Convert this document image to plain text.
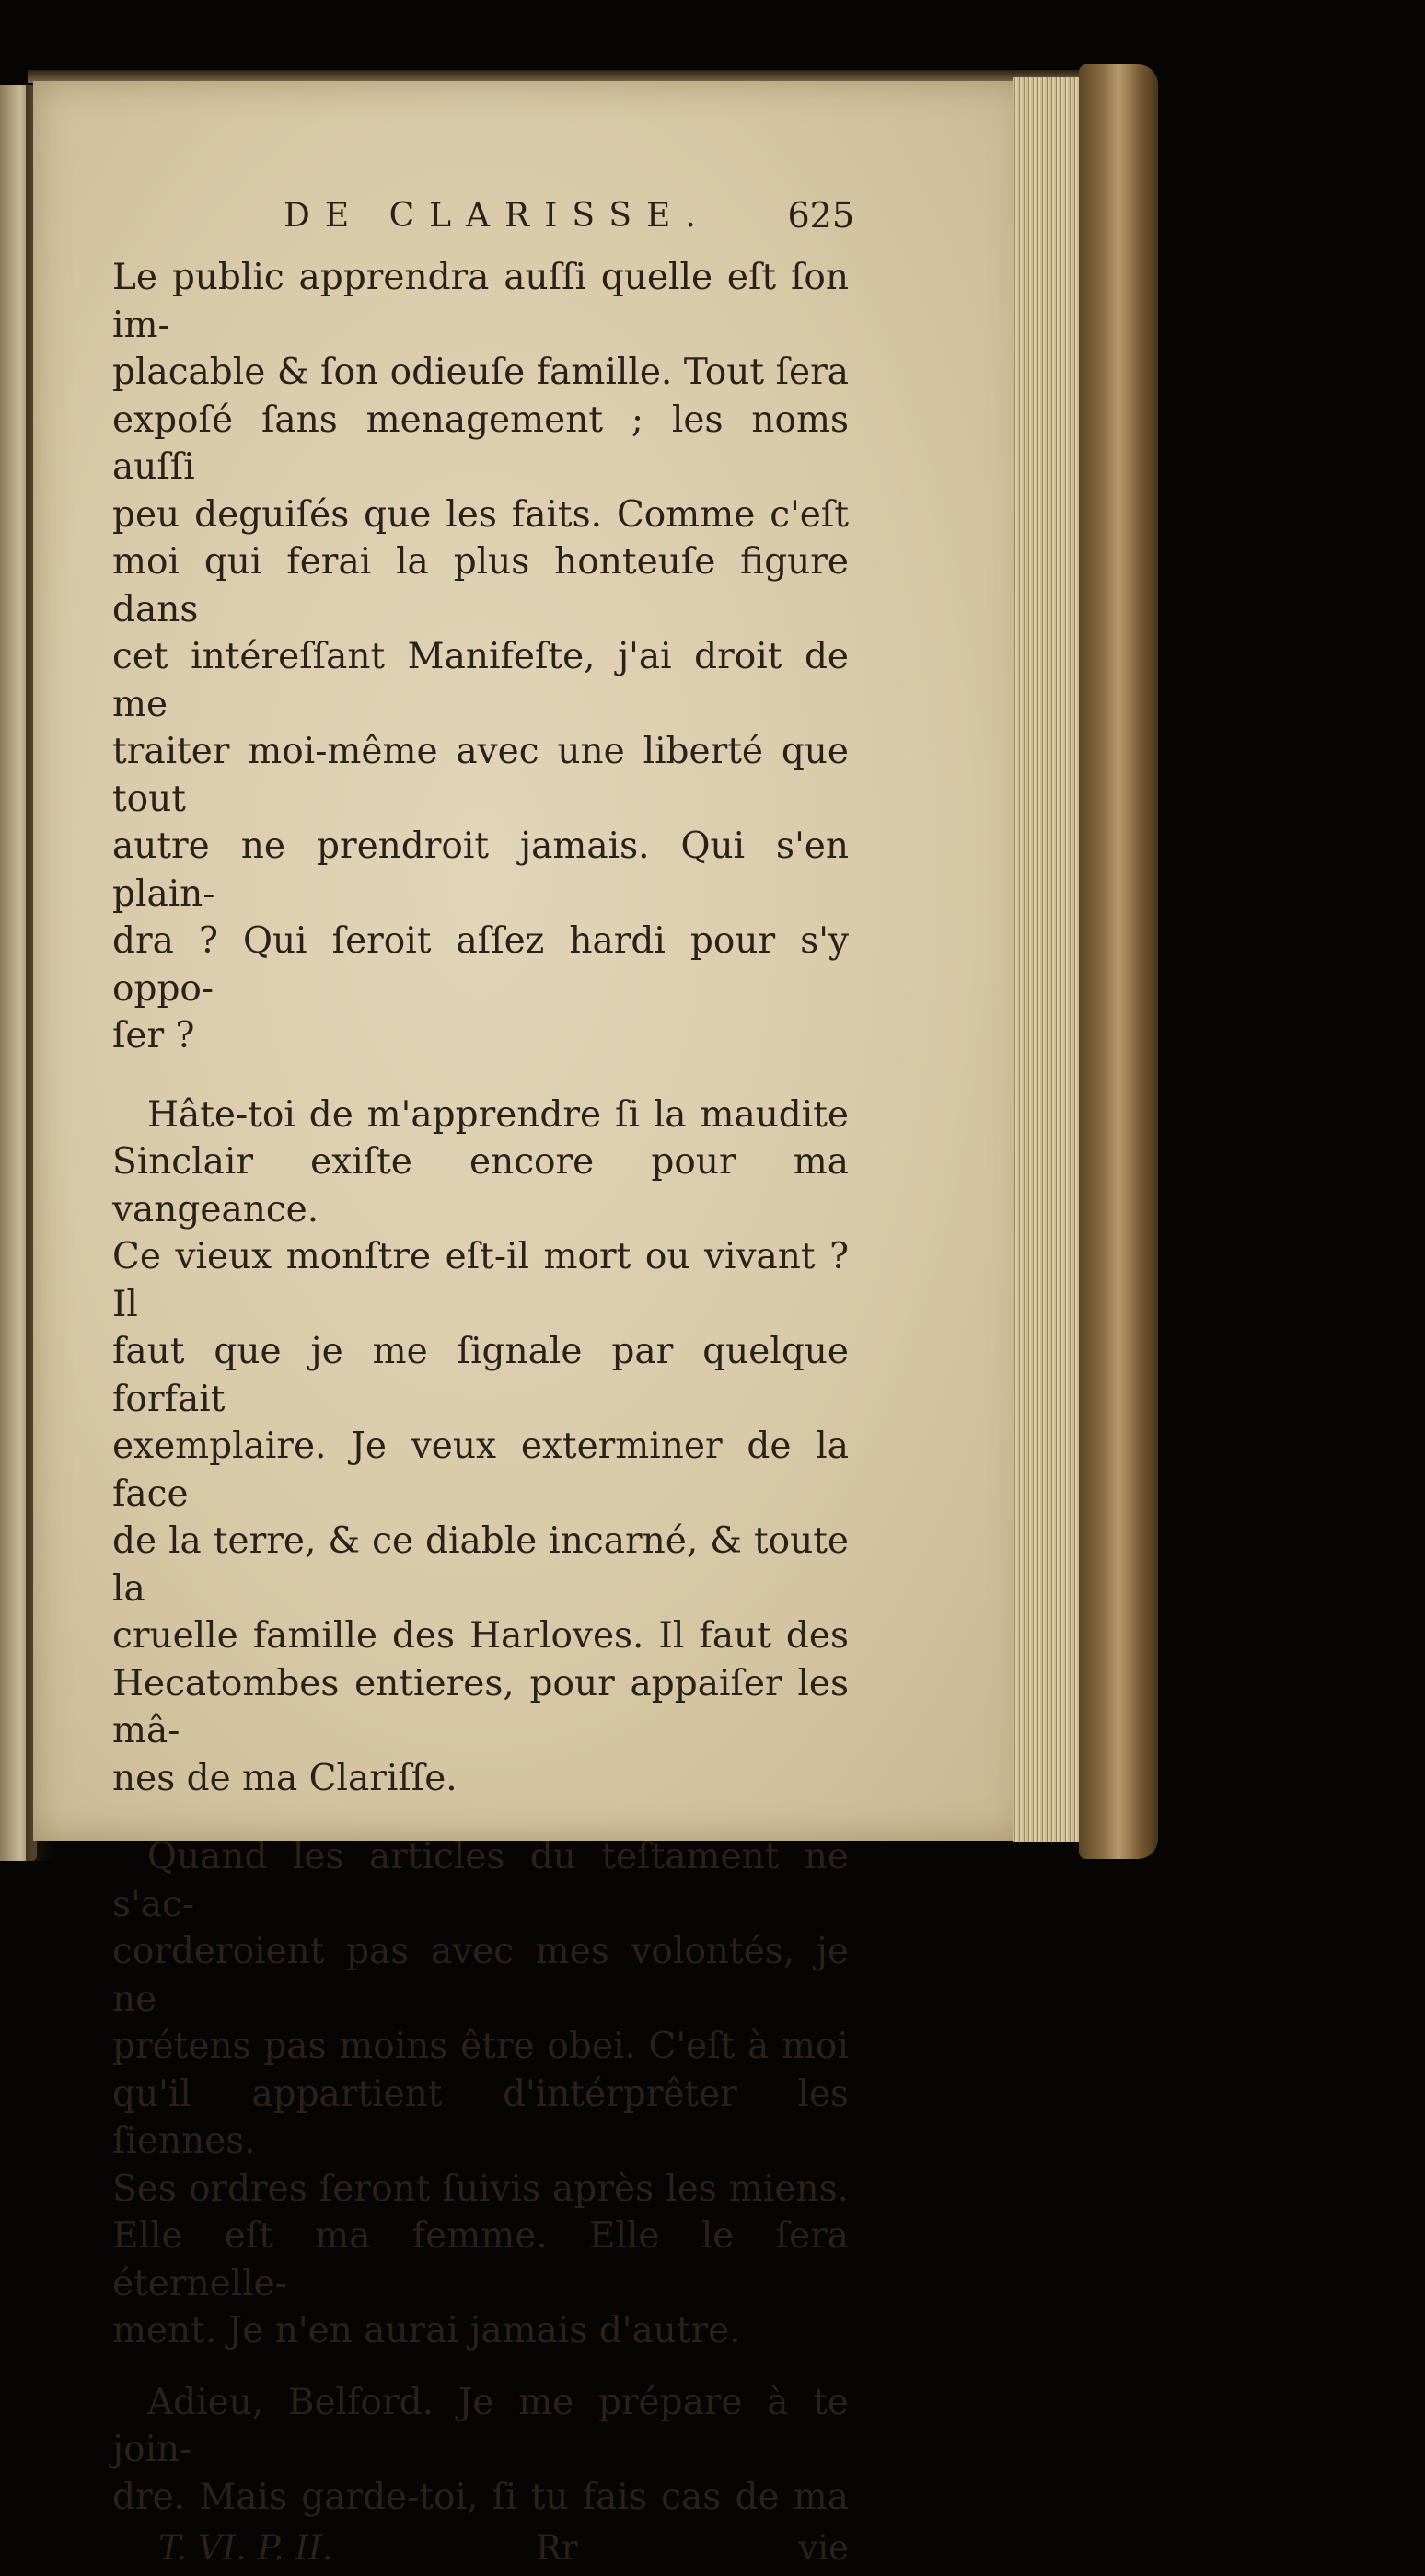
DE CLARISSE. 625
Le public apprendra auſſi quelle eſt ſon im-
placable & ſon odieuſe famille. Tout ſera
expoſé ſans menagement ; les noms auſſi
peu deguiſés que les faits. Comme c'eſt
moi qui ferai la plus honteuſe figure dans
cet intéreſſant Manifeſte, j'ai droit de me
traiter moi-même avec une liberté que tout
autre ne prendroit jamais. Qui s'en plain-
dra ? Qui ſeroit aſſez hardi pour s'y oppo-
ſer ?
Hâte-toi de m'apprendre ſi la maudite
Sinclair exiſte encore pour ma vangeance.
Ce vieux monſtre eſt-il mort ou vivant ? Il
faut que je me ſignale par quelque forfait
exemplaire. Je veux exterminer de la face
de la terre, & ce diable incarné, & toute la
cruelle famille des Harloves. Il faut des
Hecatombes entieres, pour appaiſer les mâ-
nes de ma Clariſſe.
Quand les articles du teſtament ne s'ac-
corderoient pas avec mes volontés, je ne
prétens pas moins être obei. C'eſt à moi
qu'il appartient d'intérprêter les ſiennes.
Ses ordres ſeront ſuivis après les miens.
Elle eſt ma femme. Elle le ſera éternelle-
ment. Je n'en aurai jamais d'autre.
Adieu, Belford. Je me prépare à te join-
dre. Mais garde-toi, ſi tu fais cas de ma
T. VI. P. II.	Rr	vie
